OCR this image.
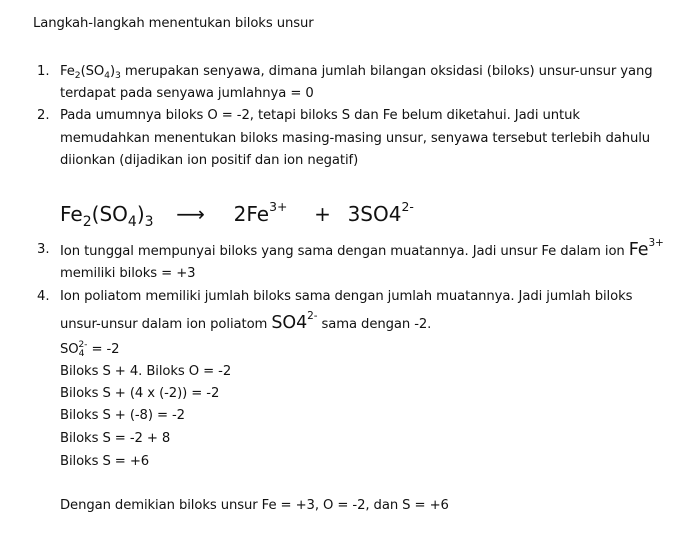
Langkah-langkah menentukan biloks unsur
1. $Fe_2(SO_4)_3$ merupakan senyawa, dimana jumlah bilangan oksidasi (biloks) unsur-unsur yang
terdapat pada senyawa jumlahnya = 0
2. Pada umumnya biloks O = -2, tetapi biloks S dan Fe belum diketahui. Jadi untuk
memudahkan menentukan biloks masing-masing unsur, senyawa tersebut terlebih dahulu
diionkan (dijadikan ion positif dan ion negatif)
$Fe_2(SO_4)_3$ ⟶ $2Fe^{3+} + 3SO4^{2-}$
3. Ion tunggal mempunyai biloks yang sama dengan muatannya. Jadi unsur Fe dalam ion $Fe^{3+}$
memiliki biloks = +3
4. Ion poliatom memiliki jumlah biloks sama dengan jumlah muatannya. Jadi jumlah biloks
unsur-unsur dalam ion poliatom $SO4^{2-}$ sama dengan -2.
$SO_4^{2-} = -2$
Biloks S + 4. Biloks O = -2
Biloks S + (4 x (-2)) = -2
Biloks S + (-8) = -2
Biloks S = -2 + 8
Biloks S = +6
Dengan demikian biloks unsur Fe = +3, O = -2, dan S = +6
